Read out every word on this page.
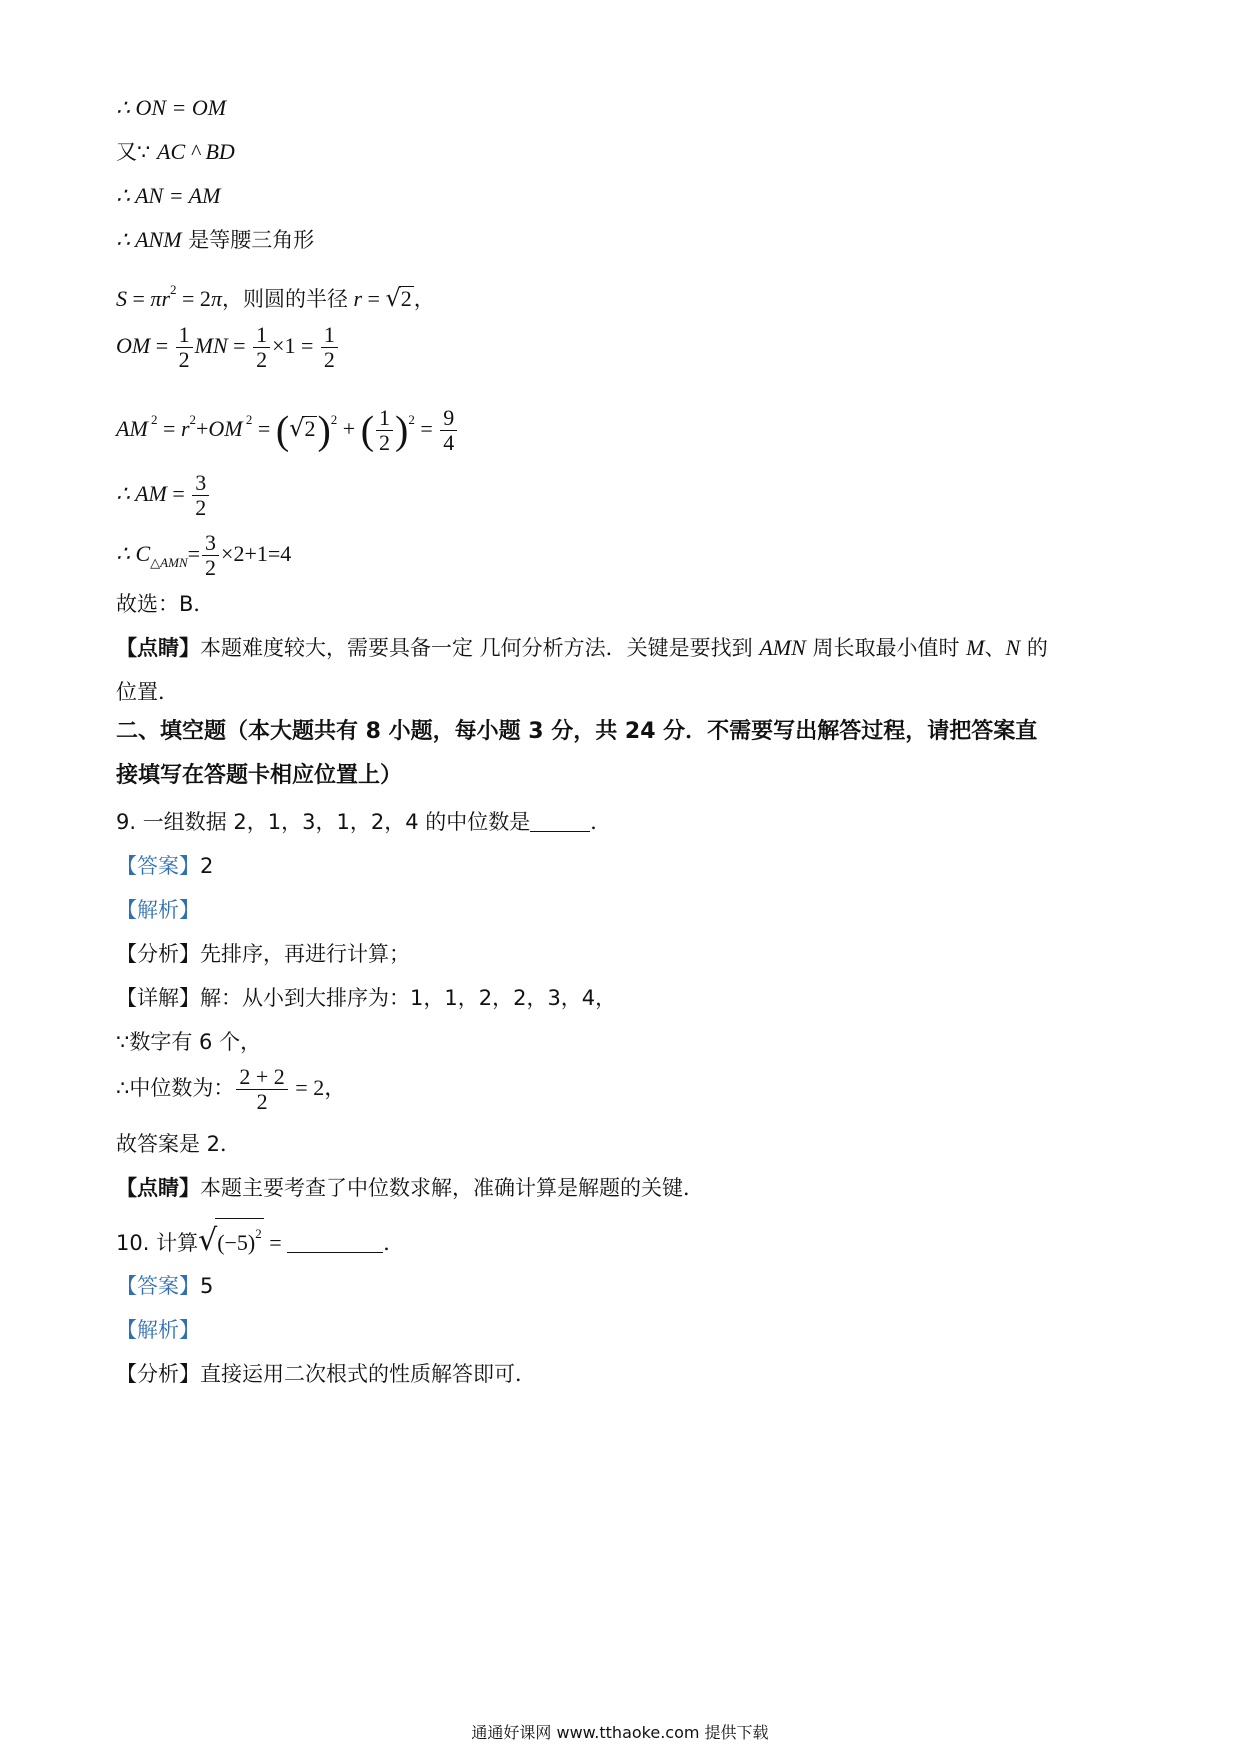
∴ ON = OM
又∵ AC ^ BD
∴ AN = AM
∴ ANM 是等腰三角形
$S = \pi r^2 = 2\pi$，则圆的半径 r = √2，
OM = $\frac{1}{2}$ MN = $\frac{1}{2} \times 1 = \frac{1}{2}$
AM $^2 = r^2+OM$ $^2 = (√2)^2$ + ( $\frac{1}{2} )^2 = \frac{9}{4}$
∴ AM = $\frac{3}{2}$
∴ $C_{\triangle AMN}= \frac{3}{2} \times 2+1=4$
故选：B．
【点睛】本题难度较大，需要具备一定 几何分析方法．关键是要找到 AMN 周长取最小值时 M、N 的
位置．
二、填空题（本大题共有 8 小题，每小题 3 分，共 24 分．不需要写出解答过程，请把答案直
接填写在答题卡相应位置上）
9. 一组数据 2，1，3，1，2，4 的中位数是	．
【答案】2
【解析】
【分析】先排序，再进行计算；
【详解】解：从小到大排序为：1，1，2，2，3，4，
∵数字有 6 个，
∴中位数为： $\frac{2 + 2}{2} = 2$，
故答案是 2．
【点睛】本题主要考查了中位数求解，准确计算是解题的关键．
10. 计算$√(-5)^2$ =	．
【答案】5
【解析】
【分析】直接运用二次根式的性质解答即可．
通通好课网 www.tthaoke.com 提供下载
